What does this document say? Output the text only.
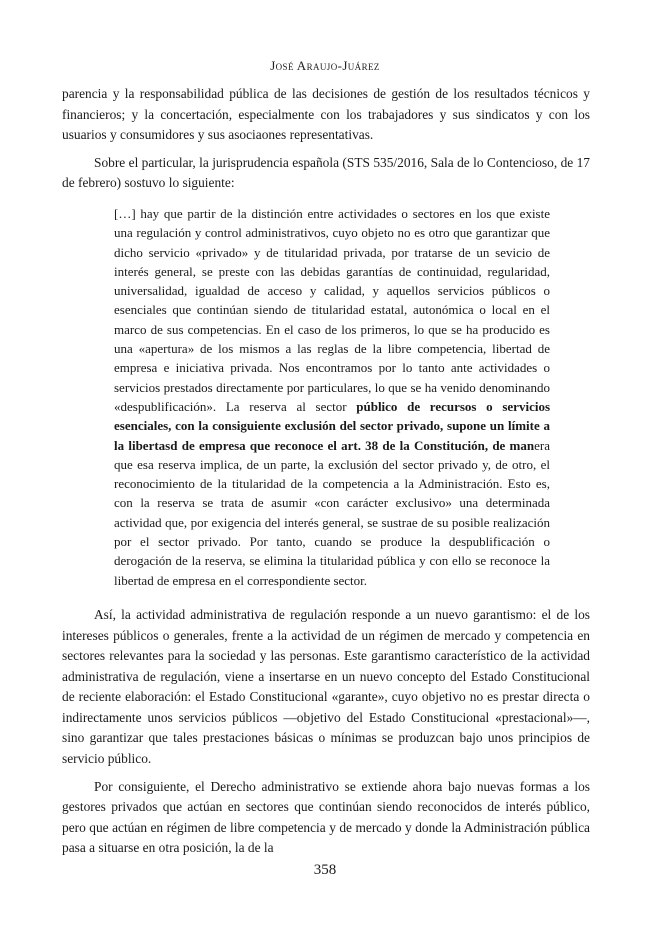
José Araujo-Juárez

parencia y la responsabilidad pública de las decisiones de gestión de los resultados técnicos y financieros; y la concertación, especialmente con los trabajadores y sus sindicatos y con los usuarios y consumidores y sus asociaones representativas.

Sobre el particular, la jurisprudencia española (STS 535/2016, Sala de lo Contencioso, de 17 de febrero) sostuvo lo siguiente:

[…] hay que partir de la distinción entre actividades o sectores en los que existe una regulación y control administrativos, cuyo objeto no es otro que garantizar que dicho servicio «privado» y de titularidad privada, por tratarse de un sevicio de interés general, se preste con las debidas garantías de continuidad, regularidad, universalidad, igualdad de acceso y calidad, y aquellos servicios públicos o esenciales que continúan siendo de titularidad estatal, autonómica o local en el marco de sus competencias. En el caso de los primeros, lo que se ha producido es una «apertura» de los mismos a las reglas de la libre competencia, libertad de empresa e iniciativa privada. Nos encontramos por lo tanto ante actividades o servicios prestados directamente por particulares, lo que se ha venido denominando «despublificación». La reserva al sector público de recursos o servicios esenciales, con la consiguiente exclusión del sector privado, supone un límite a la libertasd de empresa que reconoce el art. 38 de la Constitución, de manera que esa reserva implica, de un parte, la exclusión del sector privado y, de otro, el reconocimiento de la titularidad de la competencia a la Administración. Esto es, con la reserva se trata de asumir «con carácter exclusivo» una determinada actividad que, por exigencia del interés general, se sustrae de su posible realización por el sector privado. Por tanto, cuando se produce la despublificación o derogación de la reserva, se elimina la titularidad pública y con ello se reconoce la libertad de empresa en el correspondiente sector.

Así, la actividad administrativa de regulación responde a un nuevo garantismo: el de los intereses públicos o generales, frente a la actividad de un régimen de mercado y competencia en sectores relevantes para la sociedad y las personas. Este garantismo característico de la actividad administrativa de regulación, viene a insertarse en un nuevo concepto del Estado Constitucional de reciente elaboración: el Estado Constitucional «garante», cuyo objetivo no es prestar directa o indirectamente unos servicios públicos —objetivo del Estado Constitucional «prestacional»—, sino garantizar que tales prestaciones básicas o mínimas se produzcan bajo unos principios de servicio público.

Por consiguiente, el Derecho administrativo se extiende ahora bajo nuevas formas a los gestores privados que actúan en sectores que continúan siendo reconocidos de interés público, pero que actúan en régimen de libre competencia y de mercado y donde la Administración pública pasa a situarse en otra posición, la de la

358
